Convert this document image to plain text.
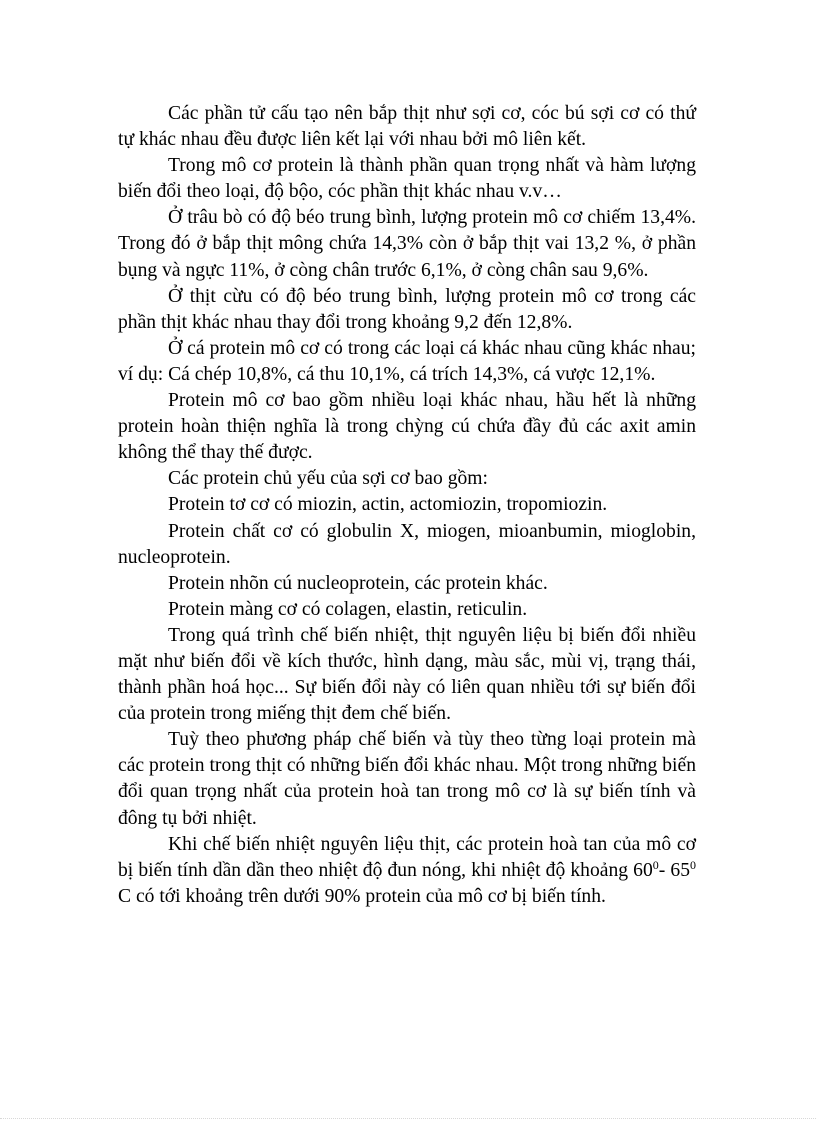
Các phần tử cấu tạo nên bắp thịt như sợi cơ, cóc bú sợi cơ có thứ tự khác nhau đều được liên kết lại với nhau bởi mô liên kết.

Trong mô cơ protein là thành phần quan trọng nhất và hàm lượng biến đổi theo loại, độ bộo, cóc phần thịt khác nhau v.v…

Ở trâu bò có độ béo trung bình, lượng protein mô cơ chiếm 13,4%. Trong đó ở bắp thịt mông chứa 14,3% còn ở bắp thịt vai 13,2 %, ở phần bụng và ngực 11%, ở còng chân trước 6,1%, ở còng chân sau 9,6%.

Ở thịt cừu có độ béo trung bình, lượng protein mô cơ trong các phần thịt khác nhau thay đổi trong khoảng 9,2 đến 12,8%.

Ở cá protein mô cơ có trong các loại cá khác nhau cũng khác nhau; ví dụ: Cá chép 10,8%, cá thu 10,1%, cá trích 14,3%, cá vược 12,1%.

Protein mô cơ bao gồm nhiều loại khác nhau, hầu hết là những protein hoàn thiện nghĩa là trong chỳng cú chứa đầy đủ các axit amin không thể thay thế được.

Các protein chủ yếu của sợi cơ bao gồm:

Protein tơ cơ có miozin, actin, actomiozin, tropomiozin.

Protein chất cơ có globulin X, miogen, mioanbumin, mioglobin, nucleoprotein.

Protein nhõn cú nucleoprotein, các protein khác.

Protein màng cơ có colagen, elastin, reticulin.

Trong quá trình chế biến nhiệt, thịt nguyên liệu bị biến đổi nhiều mặt như biến đổi về kích thước, hình dạng, màu sắc, mùi vị, trạng thái, thành phần hoá học... Sự biến đổi này có liên quan nhiều tới sự biến đổi của protein trong miếng thịt đem chế biến.

Tuỳ theo phương pháp chế biến và tùy theo từng loại protein mà các protein trong thịt có những biến đổi khác nhau. Một trong những biến đổi quan trọng nhất của protein hoà tan trong mô cơ là sự biến tính và đông tụ bởi nhiệt.

Khi chế biến nhiệt nguyên liệu thịt, các protein hoà tan của mô cơ bị biến tính dần dần theo nhiệt độ đun nóng, khi nhiệt độ khoảng $60^0-$ $65^0$ C có tới khoảng trên dưới 90% protein của mô cơ bị biến tính.
